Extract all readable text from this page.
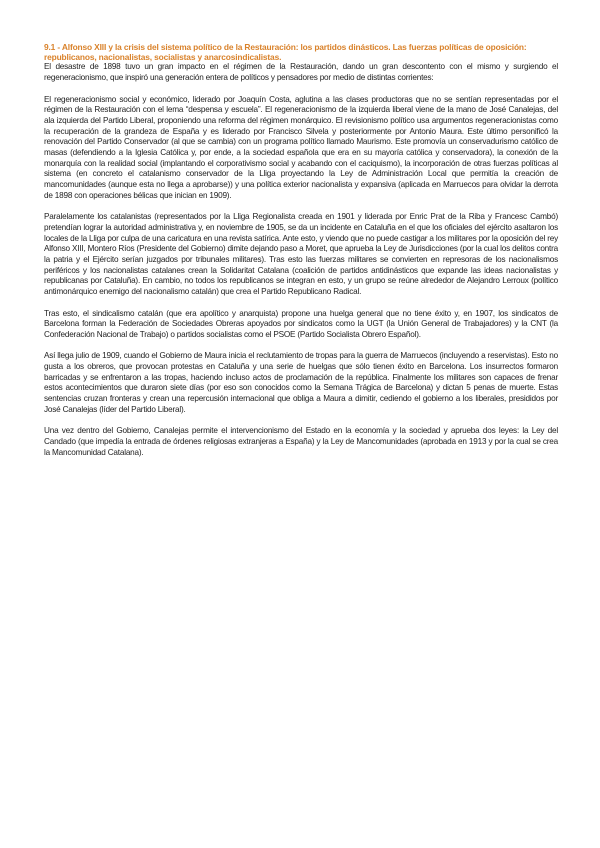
9.1 - Alfonso XIII y la crisis del sistema político de la Restauración: los partidos dinásticos. Las fuerzas políticas de oposición: republicanos, nacionalistas, socialistas y anarcosindicalistas.

El desastre de 1898 tuvo un gran impacto en el régimen de la Restauración, dando un gran descontento con el mismo y surgiendo el regeneracionismo, que inspiró una generación entera de políticos y pensadores por medio de distintas corrientes:

El regeneracionismo social y económico, liderado por Joaquín Costa, aglutina a las clases productoras que no se sentían representadas por el régimen de la Restauración con el lema “despensa y escuela”. El regeneracionismo de la izquierda liberal viene de la mano de José Canalejas, del ala izquierda del Partido Liberal, proponiendo una reforma del régimen monárquico. El revisionismo político usa argumentos regeneracionistas como la recuperación de la grandeza de España y es liderado por Francisco Silvela y posteriormente por Antonio Maura. Este último personificó la renovación del Partido Conservador (al que se cambia) con un programa político llamado Maurismo. Este promovía un conservadurismo católico de masas (defendiendo a la Iglesia Católica y, por ende, a la sociedad española que era en su mayoría católica y conservadora), la conexión de la monarquía con la realidad social (implantando el corporativismo social y acabando con el caciquismo), la incorporación de otras fuerzas políticas al sistema (en concreto el catalanismo conservador de la Lliga proyectando la Ley de Administración Local que permitía la creación de mancomunidades (aunque esta no llega a aprobarse)) y una política exterior nacionalista y expansiva (aplicada en Marruecos para olvidar la derrota de 1898 con operaciones bélicas que inician en 1909).

Paralelamente los catalanistas (representados por la Lliga Regionalista creada en 1901 y liderada por Enric Prat de la Riba y Francesc Cambó) pretendían lograr la autoridad administrativa y, en noviembre de 1905, se da un incidente en Cataluña en el que los oficiales del ejército asaltaron los locales de la Lliga por culpa de una caricatura en una revista satírica. Ante esto, y viendo que no puede castigar a los militares por la oposición del rey Alfonso XIII, Montero Ríos (Presidente del Gobierno) dimite dejando paso a Moret, que aprueba la Ley de Jurisdicciones (por la cual los delitos contra la patria y el Ejército serían juzgados por tribunales militares). Tras esto las fuerzas militares se convierten en represoras de los nacionalismos periféricos y los nacionalistas catalanes crean la Solidaritat Catalana (coalición de partidos antidinásticos que expande las ideas nacionalistas y republicanas por Cataluña). En cambio, no todos los republicanos se integran en esto, y un grupo se reúne alrededor de Alejandro Lerroux (político antimonárquico enemigo del nacionalismo catalán) que crea el Partido Republicano Radical.

Tras esto, el sindicalismo catalán (que era apolítico y anarquista) propone una huelga general que no tiene éxito y, en 1907, los sindicatos de Barcelona forman la Federación de Sociedades Obreras apoyados por sindicatos como la UGT (la Unión General de Trabajadores) y la CNT (la Confederación Nacional de Trabajo) o partidos socialistas como el PSOE (Partido Socialista Obrero Español).

Así llega julio de 1909, cuando el Gobierno de Maura inicia el reclutamiento de tropas para la guerra de Marruecos (incluyendo a reservistas). Esto no gusta a los obreros, que provocan protestas en Cataluña y una serie de huelgas que sólo tienen éxito en Barcelona. Los insurrectos formaron barricadas y se enfrentaron a las tropas, haciendo incluso actos de proclamación de la república. Finalmente los militares son capaces de frenar estos acontecimientos que duraron siete días (por eso son conocidos como la Semana Trágica de Barcelona) y dictan 5 penas de muerte. Estas sentencias cruzan fronteras y crean una repercusión internacional que obliga a Maura a dimitir, cediendo el gobierno a los liberales, presididos por José Canalejas (líder del Partido Liberal).

Una vez dentro del Gobierno, Canalejas permite el intervencionismo del Estado en la economía y la sociedad y aprueba dos leyes: la Ley del Candado (que impedía la entrada de órdenes religiosas extranjeras a España) y la Ley de Mancomunidades (aprobada en 1913 y por la cual se crea la Mancomunidad Catalana).
